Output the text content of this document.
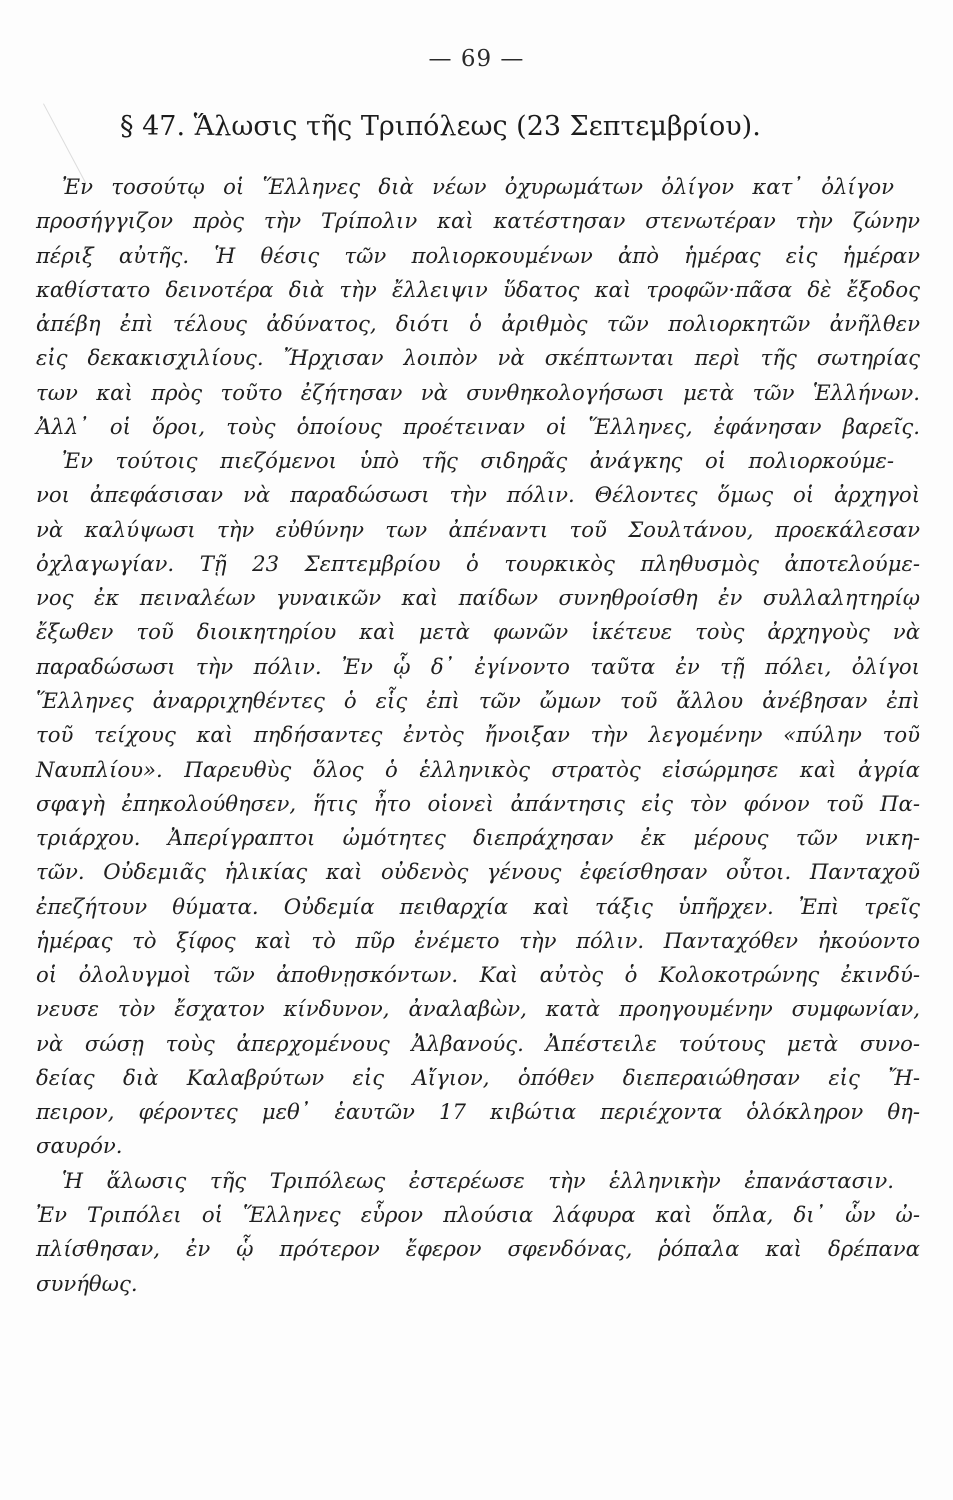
— 69 —
§ 47. Ἅλωσις τῆς Τριπόλεως (23 Σεπτεμβρίου).
Ἐν τοσούτῳ οἱ Ἕλληνες διὰ νέων ὀχυρωμάτων ὀλίγον κατ᾽ ὀλίγον
προσήγγιζον πρὸς τὴν Τρίπολιν καὶ κατέστησαν στενωτέραν τὴν ζώνην
πέριξ αὐτῆς. Ἡ θέσις τῶν πολιορκουμένων ἀπὸ ἡμέρας εἰς ἡμέραν
καθίστατο δεινοτέρα διὰ τὴν ἔλλειψιν ὕδατος καὶ τροφῶν·πᾶσα δὲ ἔξοδος
ἀπέβη ἐπὶ τέλους ἀδύνατος, διότι ὁ ἀριθμὸς τῶν πολιορκητῶν ἀνῆλθεν
εἰς δεκακισχιλίους. Ἤρχισαν λοιπὸν νὰ σκέπτωνται περὶ τῆς σωτηρίας
των καὶ πρὸς τοῦτο ἐζήτησαν νὰ συνθηκολογήσωσι μετὰ τῶν Ἑλλήνων.
Ἀλλ᾽ οἱ ὅροι, τοὺς ὁποίους προέτειναν οἱ Ἕλληνες, ἐφάνησαν βαρεῖς.
Ἐν τούτοις πιεζόμενοι ὑπὸ τῆς σιδηρᾶς ἀνάγκης οἱ πολιορκούμε-
νοι ἀπεφάσισαν νὰ παραδώσωσι τὴν πόλιν. Θέλοντες ὅμως οἱ ἀρχηγοὶ
νὰ καλύψωσι τὴν εὐθύνην των ἀπέναντι τοῦ Σουλτάνου, προεκάλεσαν
ὀχλαγωγίαν. Τῇ 23 Σεπτεμβρίου ὁ τουρκικὸς πληθυσμὸς ἀποτελούμε-
νος ἐκ πειναλέων γυναικῶν καὶ παίδων συνηθροίσθη ἐν συλλαλητηρίῳ
ἔξωθεν τοῦ διοικητηρίου καὶ μετὰ φωνῶν ἱκέτευε τοὺς ἀρχηγοὺς νὰ
παραδώσωσι τὴν πόλιν. Ἐν ᾧ δ᾽ ἐγίνοντο ταῦτα ἐν τῇ πόλει, ὀλίγοι
Ἕλληνες ἀναρριχηθέντες ὁ εἷς ἐπὶ τῶν ὤμων τοῦ ἄλλου ἀνέβησαν ἐπὶ
τοῦ τείχους καὶ πηδήσαντες ἐντὸς ἤνοιξαν τὴν λεγομένην «πύλην τοῦ
Ναυπλίου». Παρευθὺς ὅλος ὁ ἑλληνικὸς στρατὸς εἰσώρμησε καὶ ἀγρία
σφαγὴ ἐπηκολούθησεν, ἥτις ἦτο οἱονεὶ ἀπάντησις εἰς τὸν φόνον τοῦ Πα-
τριάρχου. Ἀπερίγραπτοι ὠμότητες διεπράχησαν ἐκ μέρους τῶν νικη-
τῶν. Οὐδεμιᾶς ἡλικίας καὶ οὐδενὸς γένους ἐφείσθησαν οὗτοι. Πανταχοῦ
ἐπεζήτουν θύματα. Οὐδεμία πειθαρχία καὶ τάξις ὑπῆρχεν. Ἐπὶ τρεῖς
ἡμέρας τὸ ξίφος καὶ τὸ πῦρ ἐνέμετο τὴν πόλιν. Πανταχόθεν ἠκούοντο
οἱ ὀλολυγμοὶ τῶν ἀποθνῃσκόντων. Καὶ αὐτὸς ὁ Κολοκοτρώνης ἐκινδύ-
νευσε τὸν ἔσχατον κίνδυνον, ἀναλαβὼν, κατὰ προηγουμένην συμφωνίαν,
νὰ σώσῃ τοὺς ἀπερχομένους Ἀλβανούς. Ἀπέστειλε τούτους μετὰ συνο-
δείας διὰ Καλαβρύτων εἰς Αἴγιον, ὁπόθεν διεπεραιώθησαν εἰς Ἤ-
πειρον, φέροντες μεθ᾽ ἑαυτῶν 17 κιβώτια περιέχοντα ὁλόκληρον θη-
σαυρόν.
Ἡ ἅλωσις τῆς Τριπόλεως ἐστερέωσε τὴν ἑλληνικὴν ἐπανάστασιν.
Ἐν Τριπόλει οἱ Ἕλληνες εὗρον πλούσια λάφυρα καὶ ὅπλα, δι᾽ ὧν ὠ-
πλίσθησαν, ἐν ᾧ πρότερον ἔφερον σφενδόνας, ῥόπαλα καὶ δρέπανα
συνήθως.
